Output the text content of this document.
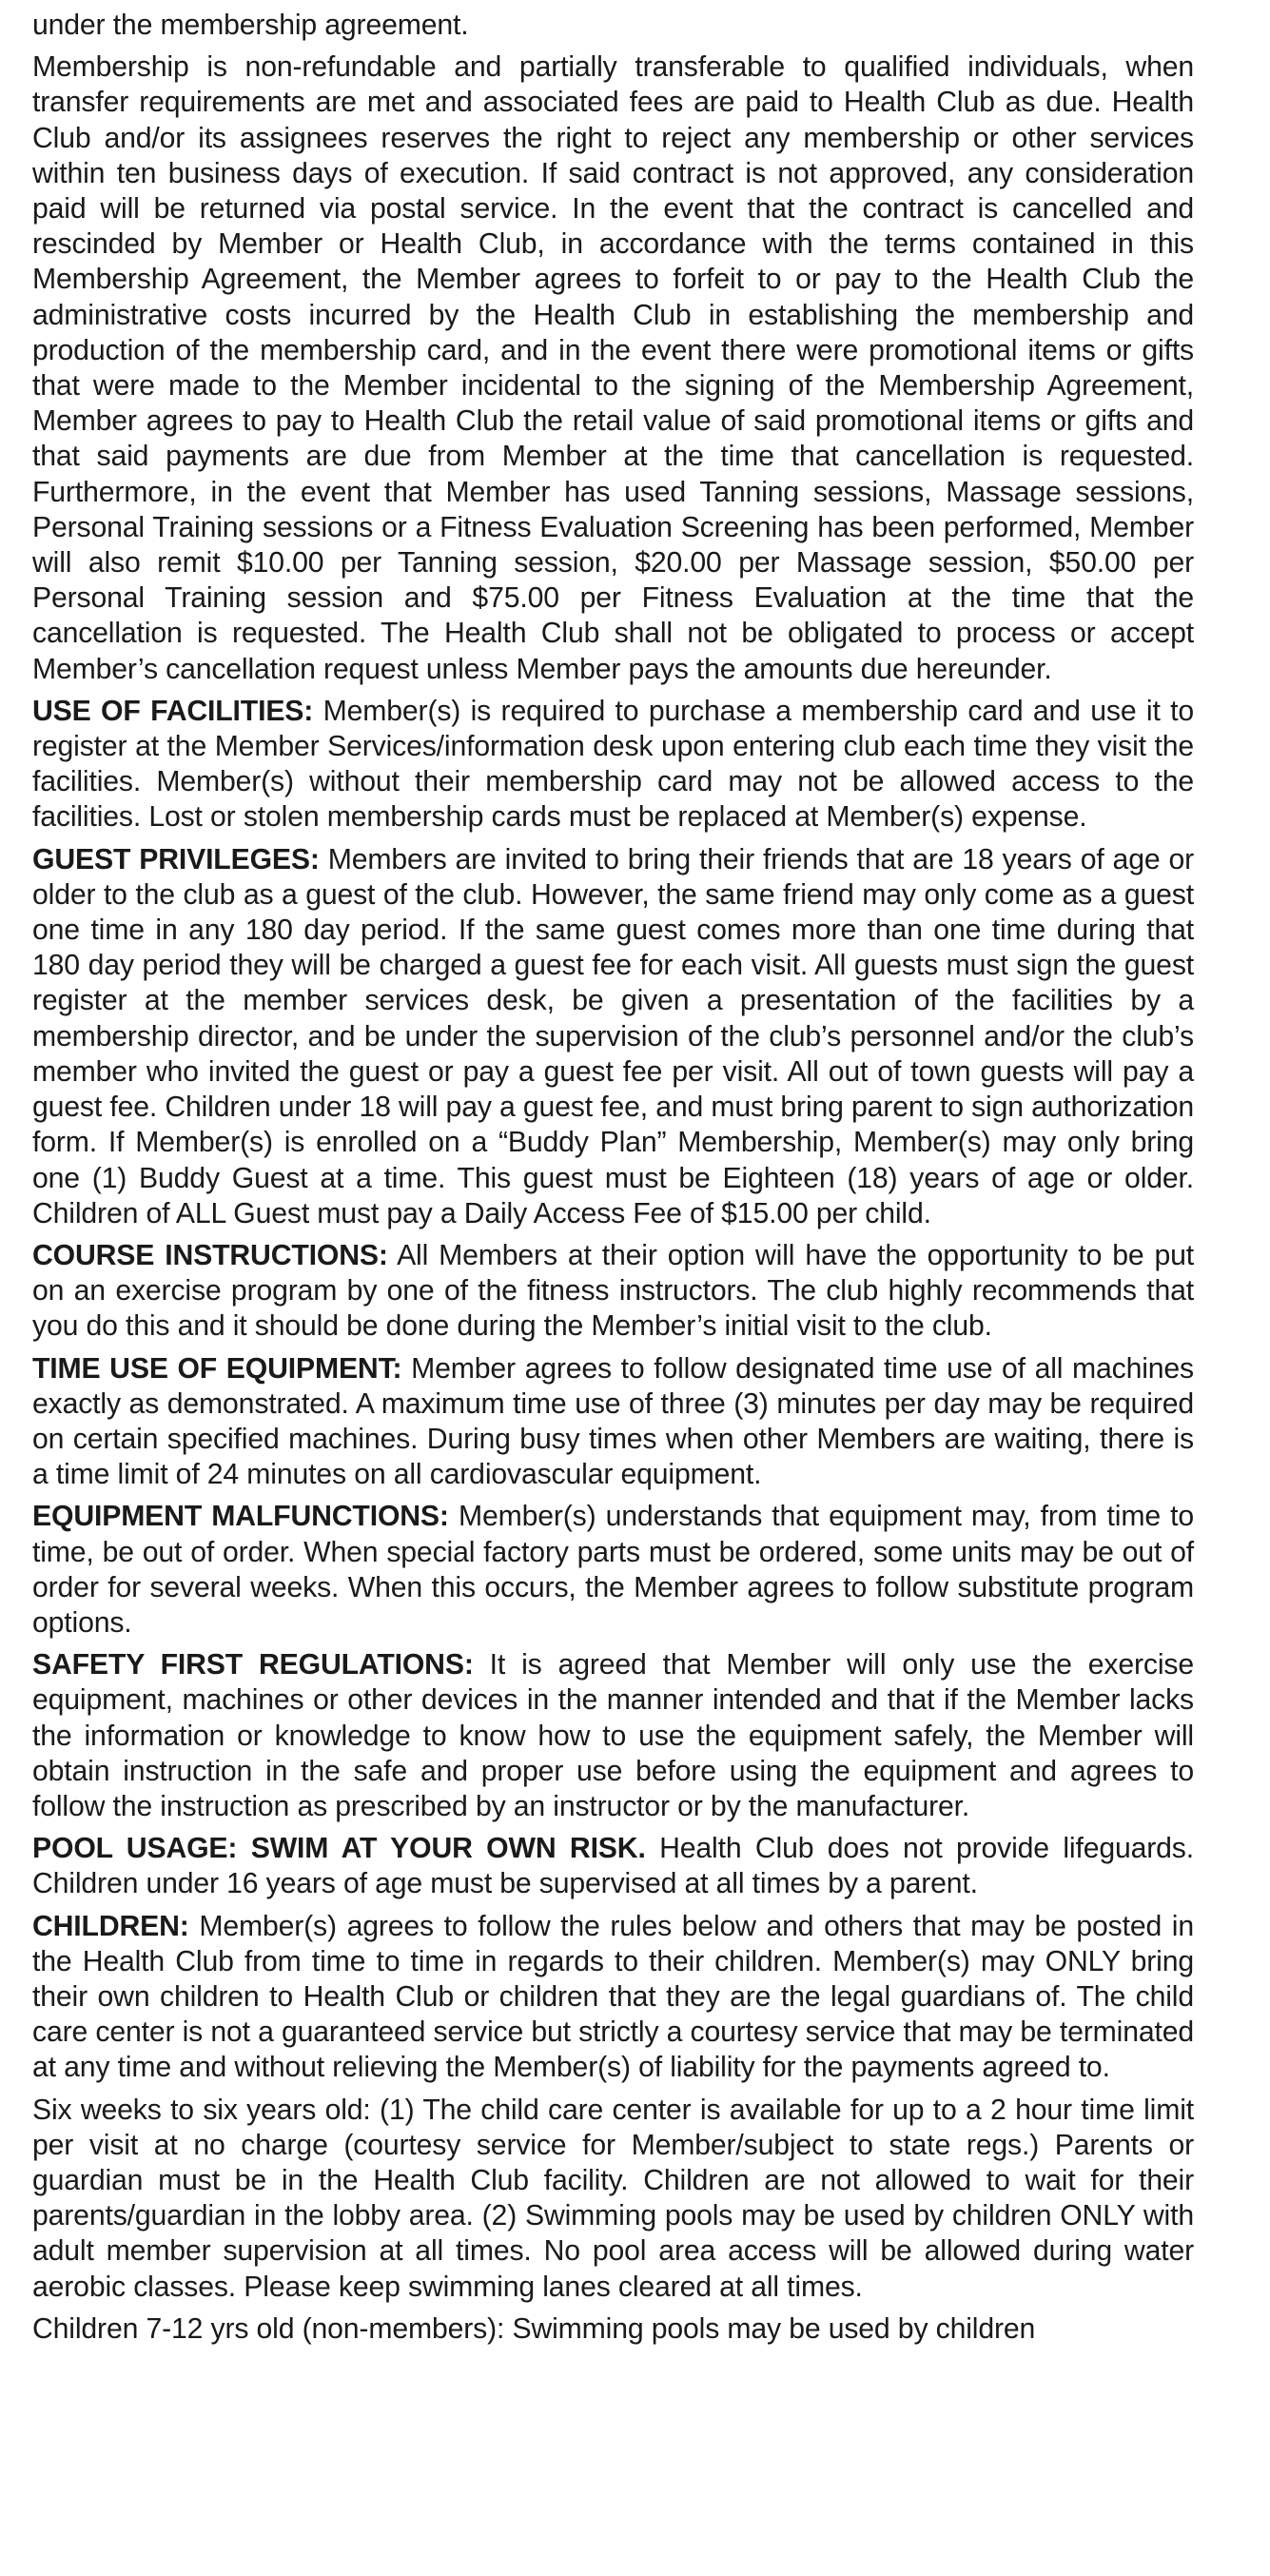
under the membership agreement.

Membership is non-refundable and partially transferable to qualified individuals, when transfer requirements are met and associated fees are paid to Health Club as due. Health Club and/or its assignees reserves the right to reject any membership or other services within ten business days of execution. If said contract is not approved, any consideration paid will be returned via postal service. In the event that the contract is cancelled and rescinded by Member or Health Club, in accordance with the terms contained in this Membership Agreement, the Member agrees to forfeit to or pay to the Health Club the administrative costs incurred by the Health Club in establishing the membership and production of the membership card, and in the event there were promotional items or gifts that were made to the Member incidental to the signing of the Membership Agreement, Member agrees to pay to Health Club the retail value of said promotional items or gifts and that said payments are due from Member at the time that cancellation is requested. Furthermore, in the event that Member has used Tanning sessions, Massage sessions, Personal Training sessions or a Fitness Evaluation Screening has been performed, Member will also remit $10.00 per Tanning session, $20.00 per Massage session, $50.00 per Personal Training session and $75.00 per Fitness Evaluation at the time that the cancellation is requested. The Health Club shall not be obligated to process or accept Member’s cancellation request unless Member pays the amounts due hereunder.

USE OF FACILITIES: Member(s) is required to purchase a membership card and use it to register at the Member Services/information desk upon entering club each time they visit the facilities. Member(s) without their membership card may not be allowed access to the facilities. Lost or stolen membership cards must be replaced at Member(s) expense.

GUEST PRIVILEGES: Members are invited to bring their friends that are 18 years of age or older to the club as a guest of the club. However, the same friend may only come as a guest one time in any 180 day period. If the same guest comes more than one time during that 180 day period they will be charged a guest fee for each visit. All guests must sign the guest register at the member services desk, be given a presentation of the facilities by a membership director, and be under the supervision of the club’s personnel and/or the club’s member who invited the guest or pay a guest fee per visit. All out of town guests will pay a guest fee. Children under 18 will pay a guest fee, and must bring parent to sign authorization form. If Member(s) is enrolled on a “Buddy Plan” Membership, Member(s) may only bring one (1) Buddy Guest at a time. This guest must be Eighteen (18) years of age or older. Children of ALL Guest must pay a Daily Access Fee of $15.00 per child.

COURSE INSTRUCTIONS: All Members at their option will have the opportunity to be put on an exercise program by one of the fitness instructors. The club highly recommends that you do this and it should be done during the Member’s initial visit to the club.

TIME USE OF EQUIPMENT: Member agrees to follow designated time use of all machines exactly as demonstrated. A maximum time use of three (3) minutes per day may be required on certain specified machines. During busy times when other Members are waiting, there is a time limit of 24 minutes on all cardiovascular equipment.

EQUIPMENT MALFUNCTIONS: Member(s) understands that equipment may, from time to time, be out of order. When special factory parts must be ordered, some units may be out of order for several weeks. When this occurs, the Member agrees to follow substitute program options.

SAFETY FIRST REGULATIONS: It is agreed that Member will only use the exercise equipment, machines or other devices in the manner intended and that if the Member lacks the information or knowledge to know how to use the equipment safely, the Member will obtain instruction in the safe and proper use before using the equipment and agrees to follow the instruction as prescribed by an instructor or by the manufacturer.

POOL USAGE: SWIM AT YOUR OWN RISK. Health Club does not provide lifeguards. Children under 16 years of age must be supervised at all times by a parent.

CHILDREN: Member(s) agrees to follow the rules below and others that may be posted in the Health Club from time to time in regards to their children. Member(s) may ONLY bring their own children to Health Club or children that they are the legal guardians of. The child care center is not a guaranteed service but strictly a courtesy service that may be terminated at any time and without relieving the Member(s) of liability for the payments agreed to.

Six weeks to six years old: (1) The child care center is available for up to a 2 hour time limit per visit at no charge (courtesy service for Member/subject to state regs.) Parents or guardian must be in the Health Club facility. Children are not allowed to wait for their parents/guardian in the lobby area. (2) Swimming pools may be used by children ONLY with adult member supervision at all times. No pool area access will be allowed during water aerobic classes. Please keep swimming lanes cleared at all times.

Children 7-12 yrs old (non-members): Swimming pools may be used by children
